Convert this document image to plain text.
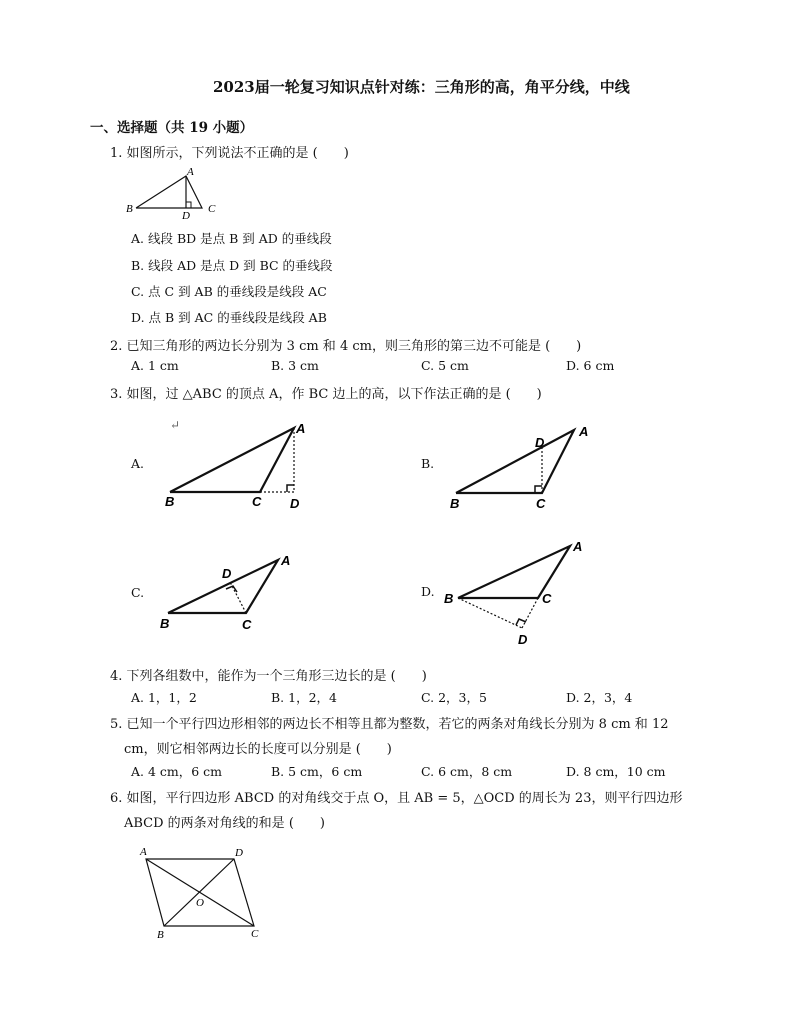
2023届一轮复习知识点针对练：三角形的高，角平分线，中线
一、选择题（共 19 小题）
1. 如图所示，下列说法不正确的是 (　　)
A
B	C
D
A. 线段 BD 是点 B 到 AD 的垂线段
B. 线段 AD 是点 D 到 BC 的垂线段
C. 点 C 到 AB 的垂线段是线段 AC
D. 点 B 到 AC 的垂线段是线段 AB
2. 已知三角形的两边长分别为 3 cm 和 4 cm，则三角形的第三边不可能是 (　　)
A. 1 cm	B. 3 cm	C. 5 cm	D. 6 cm
3. 如图，过 △ABC 的顶点 A，作 BC 边上的高，以下作法正确的是 (　　)
↵
A.
A
B	C D
B.
A
B	C
D
C.
A
B	C
D
D.
A
B	C
D
4. 下列各组数中，能作为一个三角形三边长的是 (　　)
A. 1，1，2	B. 1，2，4	C. 2，3，5	D. 2，3，4
5. 已知一个平行四边形相邻的两边长不相等且都为整数，若它的两条对角线长分别为 8 cm 和 12
cm，则它相邻两边长的长度可以分别是 (　　)
A. 4 cm，6 cm	B. 5 cm，6 cm	C. 6 cm，8 cm	D. 8 cm，10 cm
6. 如图，平行四边形 ABCD 的对角线交于点 O，且 AB = 5，△OCD 的周长为 23，则平行四边形
ABCD 的两条对角线的和是 (　　)
A	D
B	C
O
